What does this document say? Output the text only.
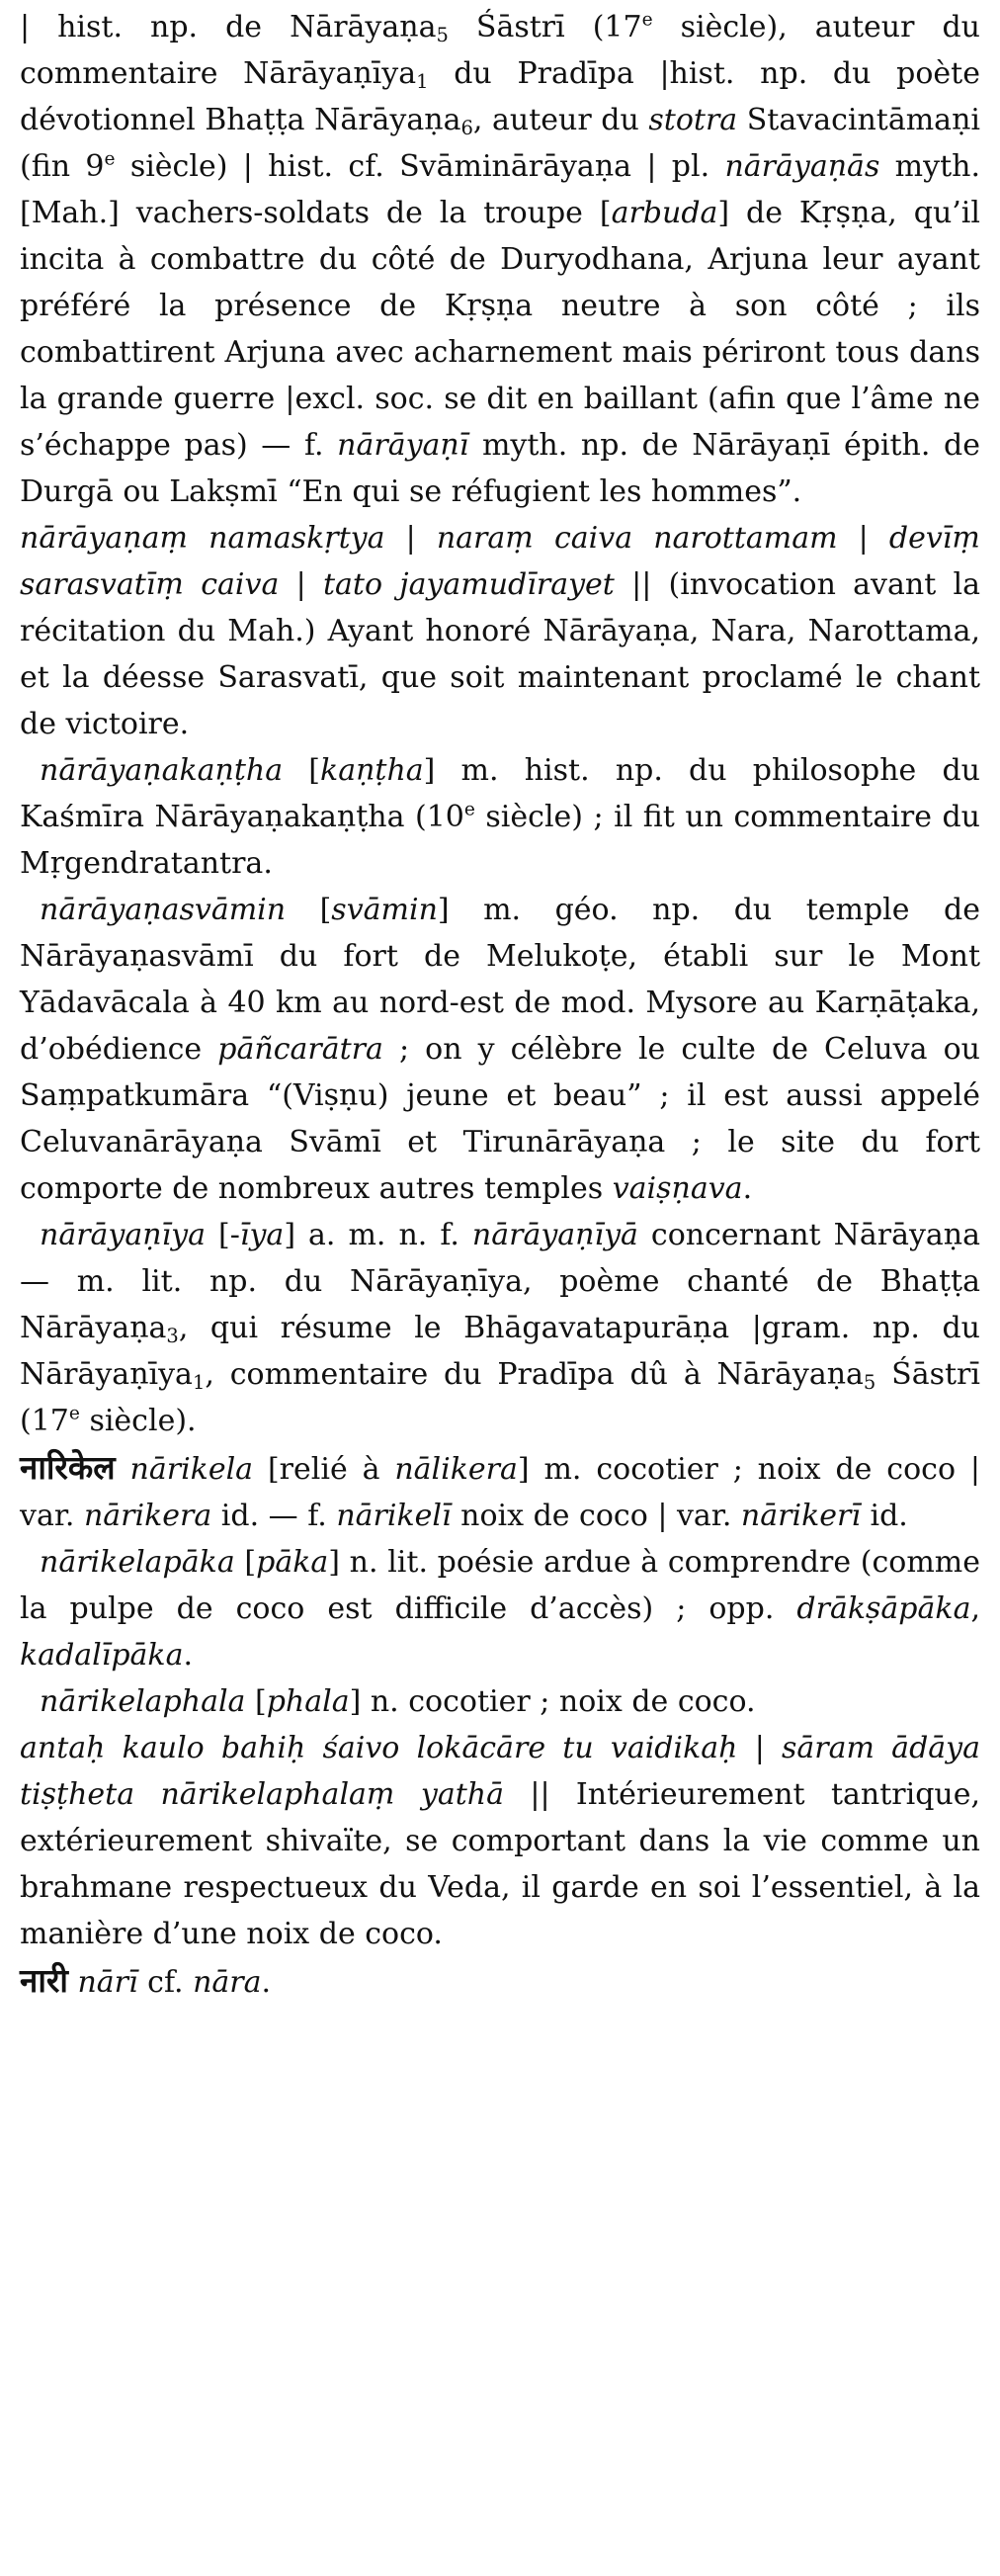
| hist. np. de Nārāyaṇa$_5$ Śāstrī (17e siècle), auteur du commentaire Nārāyaṇīya$_1$ du Pradīpa |hist. np. du poète dévotionnel Bhaṭṭa Nārāyaṇa$_6$, auteur du stotra Stavacintāmaṇi (fin 9e siècle) | hist. cf. Svāminārāyaṇa | pl. nārāyaṇās myth. [Mah.] vachers-soldats de la troupe [arbuda] de Kṛṣṇa, qu’il incita à combattre du côté de Duryodhana, Arjuna leur ayant préféré la présence de Kṛṣṇa neutre à son côté ; ils combattirent Arjuna avec acharnement mais périront tous dans la grande guerre |excl. soc. se dit en baillant (afin que l’âme ne s’échappe pas) — f. nārāyaṇī myth. np. de Nārāyaṇī épith. de Durgā ou Lakṣmī “En qui se réfugient les hommes”.

nārāyaṇaṃ namaskṛtya | naraṃ caiva narottamam | devīṃ sarasvatīṃ caiva | tato jayamudīrayet || (invocation avant la récitation du Mah.) Ayant honoré Nārāyaṇa, Nara, Narottama, et la déesse Sarasvatī, que soit maintenant proclamé le chant de victoire.

nārāyaṇakaṇṭha [kaṇṭha] m. hist. np. du philosophe du Kaśmīra Nārāyaṇakaṇṭha (10e siècle) ; il fit un commentaire du Mṛgendratantra.

nārāyaṇasvāmin [svāmin] m. géo. np. du temple de Nārāyaṇasvāmī du fort de Melukoṭe, établi sur le Mont Yādavācala à 40 km au nord-est de mod. Mysore au Karṇāṭaka, d’obédience pāñcarātra ; on y célèbre le culte de Celuva ou Saṃpatkumāra “(Viṣṇu) jeune et beau” ; il est aussi appelé Celuvanārāyaṇa Svāmī et Tirunārāyaṇa ; le site du fort comporte de nombreux autres temples vaiṣṇava.

nārāyaṇīya [-īya] a. m. n. f. nārāyaṇīyā concernant Nārāyaṇa — m. lit. np. du Nārāyaṇīya, poème chanté de Bhaṭṭa Nārāyaṇa$_3$, qui résume le Bhāgavatapurāṇa |gram. np. du Nārāyaṇīya$_1$, commentaire du Pradīpa dû à Nārāyaṇa$_5$ Śāstrī (17e siècle).

नारिकेल nārikela [relié à nālikera] m. cocotier ; noix de coco | var. nārikera id. — f. nārikelī noix de coco | var. nārikerī id.

nārikelapāka [pāka] n. lit. poésie ardue à comprendre (comme la pulpe de coco est difficile d’accès) ; opp. drākṣāpāka, kadalīpāka.

nārikelaphala [phala] n. cocotier ; noix de coco.

antaḥ kaulo bahiḥ śaivo lokācāre tu vaidikaḥ | sāram ādāya tiṣṭheta nārikelaphalaṃ yathā || Intérieurement tantrique, extérieurement shivaïte, se comportant dans la vie comme un brahmane respectueux du Veda, il garde en soi l’essentiel, à la manière d’une noix de coco.

नारी nārī cf. nāra.
